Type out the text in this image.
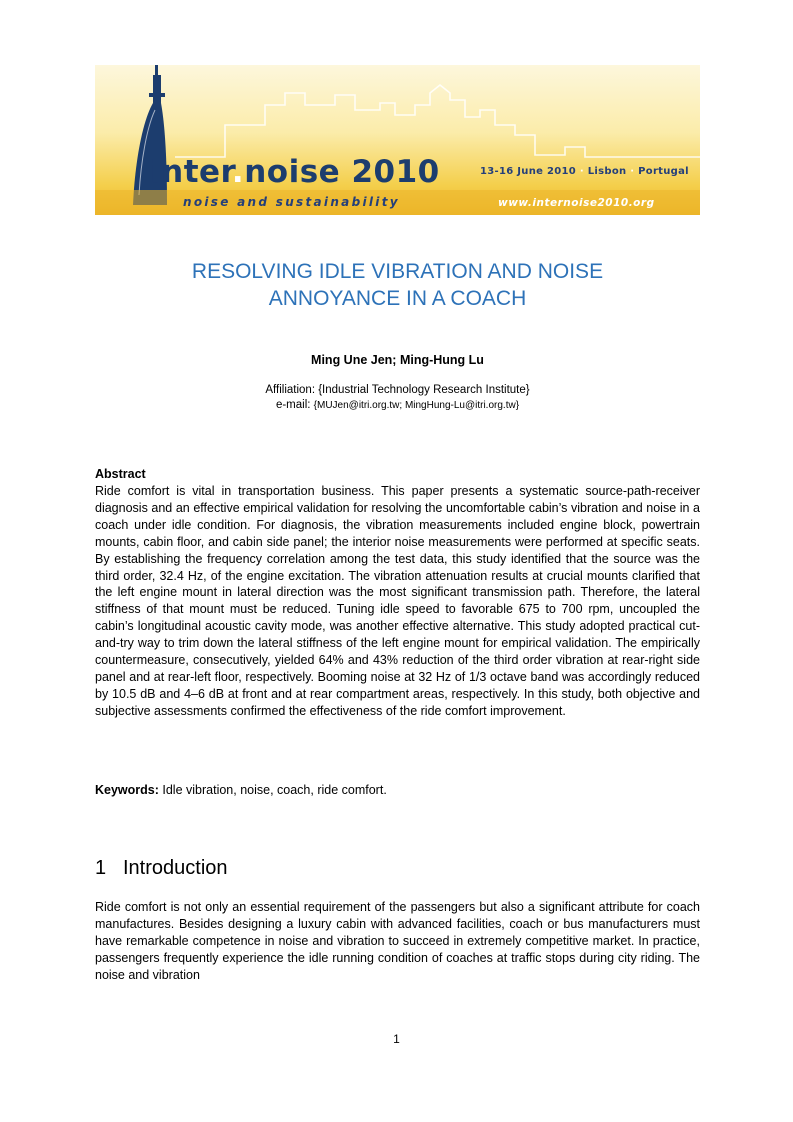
inter.noise 2010
noise and sustainability
13-16 June 2010 · Lisbon · Portugal
www.internoise2010.org
RESOLVING IDLE VIBRATION AND NOISE
ANNOYANCE IN A COACH
Ming Une Jen; Ming-Hung Lu
Affiliation: {Industrial Technology Research Institute}
e-mail: {MUJen@itri.org.tw; MingHung-Lu@itri.org.tw}
Abstract
Ride comfort is vital in transportation business. This paper presents a systematic source-path-receiver diagnosis and an effective empirical validation for resolving the uncomfortable cabin’s vibration and noise in a coach under idle condition. For diagnosis, the vibration measurements included engine block, powertrain mounts, cabin floor, and cabin side panel; the interior noise measurements were performed at specific seats. By establishing the frequency correlation among the test data, this study identified that the source was the third order, 32.4 Hz, of the engine excitation. The vibration attenuation results at crucial mounts clarified that the left engine mount in lateral direction was the most significant transmission path. Therefore, the lateral stiffness of that mount must be reduced. Tuning idle speed to favorable 675 to 700 rpm, uncoupled the cabin’s longitudinal acoustic cavity mode, was another effective alternative. This study adopted practical cut-and-try way to trim down the lateral stiffness of the left engine mount for empirical validation. The empirically countermeasure, consecutively, yielded 64% and 43% reduction of the third order vibration at rear-right side panel and at rear-left floor, respectively. Booming noise at 32 Hz of 1/3 octave band was accordingly reduced by 10.5 dB and 4–6 dB at front and at rear compartment areas, respectively. In this study, both objective and subjective assessments confirmed the effectiveness of the ride comfort improvement.
Keywords: Idle vibration, noise, coach, ride comfort.
1 Introduction
Ride comfort is not only an essential requirement of the passengers but also a significant attribute for coach manufactures. Besides designing a luxury cabin with advanced facilities, coach or bus manufacturers must have remarkable competence in noise and vibration to succeed in extremely competitive market. In practice, passengers frequently experience the idle running condition of coaches at traffic stops during city riding. The noise and vibration
1
